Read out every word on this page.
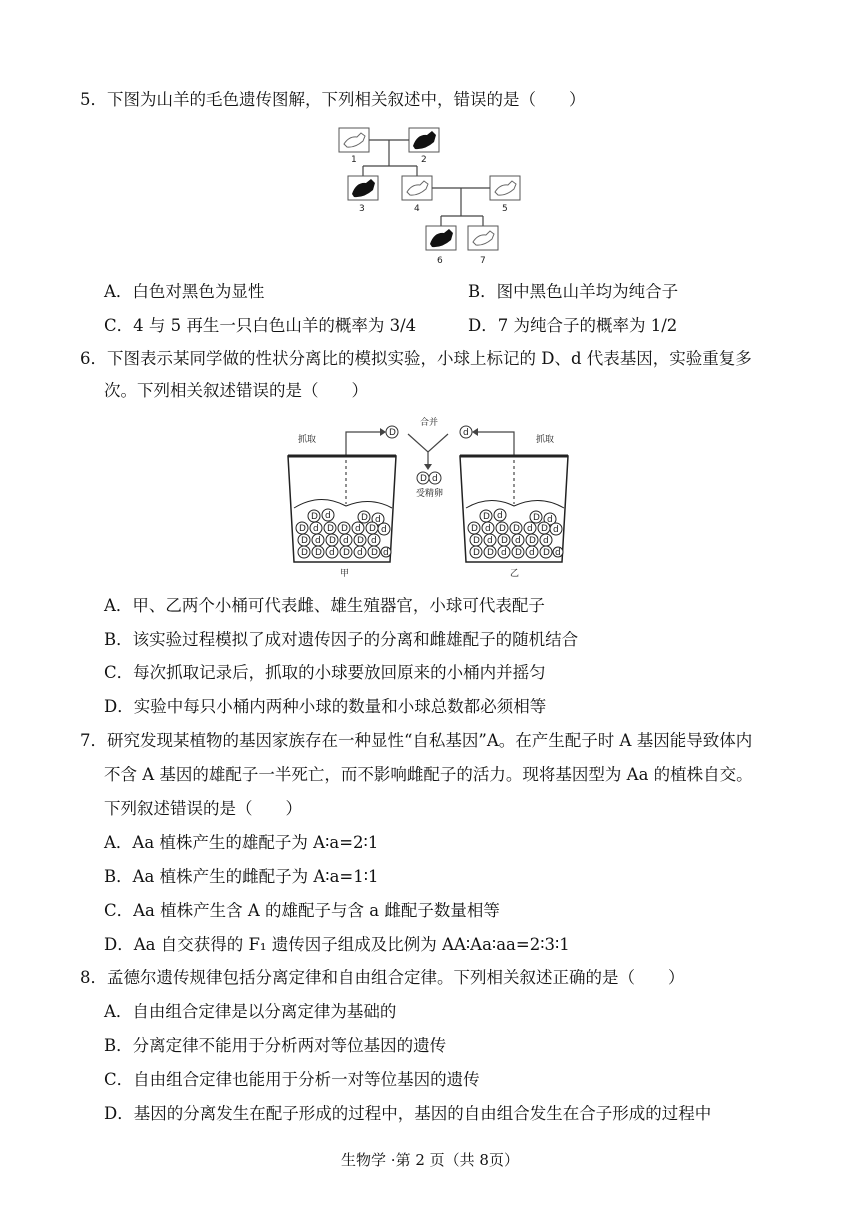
5．下图为山羊的毛色遗传图解，下列相关叙述中，错误的是（　　）
1	2
3	4	5
6	7
A．白色对黑色为显性	B．图中黑色山羊均为纯合子
C．4 与 5 再生一只白色山羊的概率为 3/4	D．7 为纯合子的概率为 1/2
6．下图表示某同学做的性状分离比的模拟实验，小球上标记的 D、d 代表基因，实验重复多
次。下列相关叙述错误的是（　　）
抓取	抓取
合并
D	d
D d
受精卵
甲	乙
D d	D d
D d D D d D d
D d D d D d
D D d D d D d
D d	D d
D d D D d D d
D d D d D d
D D d D d D d
A．甲、乙两个小桶可代表雌、雄生殖器官，小球可代表配子
B．该实验过程模拟了成对遗传因子的分离和雌雄配子的随机结合
C．每次抓取记录后，抓取的小球要放回原来的小桶内并摇匀
D．实验中每只小桶内两种小球的数量和小球总数都必须相等
7．研究发现某植物的基因家族存在一种显性“自私基因”A。在产生配子时 A 基因能导致体内
不含 A 基因的雄配子一半死亡，而不影响雌配子的活力。现将基因型为 Aa 的植株自交。
下列叙述错误的是（　　）
A．Aa 植株产生的雄配子为 A∶a=2∶1
B．Aa 植株产生的雌配子为 A∶a=1∶1
C．Aa 植株产生含 A 的雄配子与含 a 雌配子数量相等
D．Aa 自交获得的 F₁ 遗传因子组成及比例为 AA∶Aa∶aa=2∶3∶1
8．孟德尔遗传规律包括分离定律和自由组合定律。下列相关叙述正确的是（　　）
A．自由组合定律是以分离定律为基础的
B．分离定律不能用于分析两对等位基因的遗传
C．自由组合定律也能用于分析一对等位基因的遗传
D．基因的分离发生在配子形成的过程中，基因的自由组合发生在合子形成的过程中
生物学 ·第 2 页（共 8页）
